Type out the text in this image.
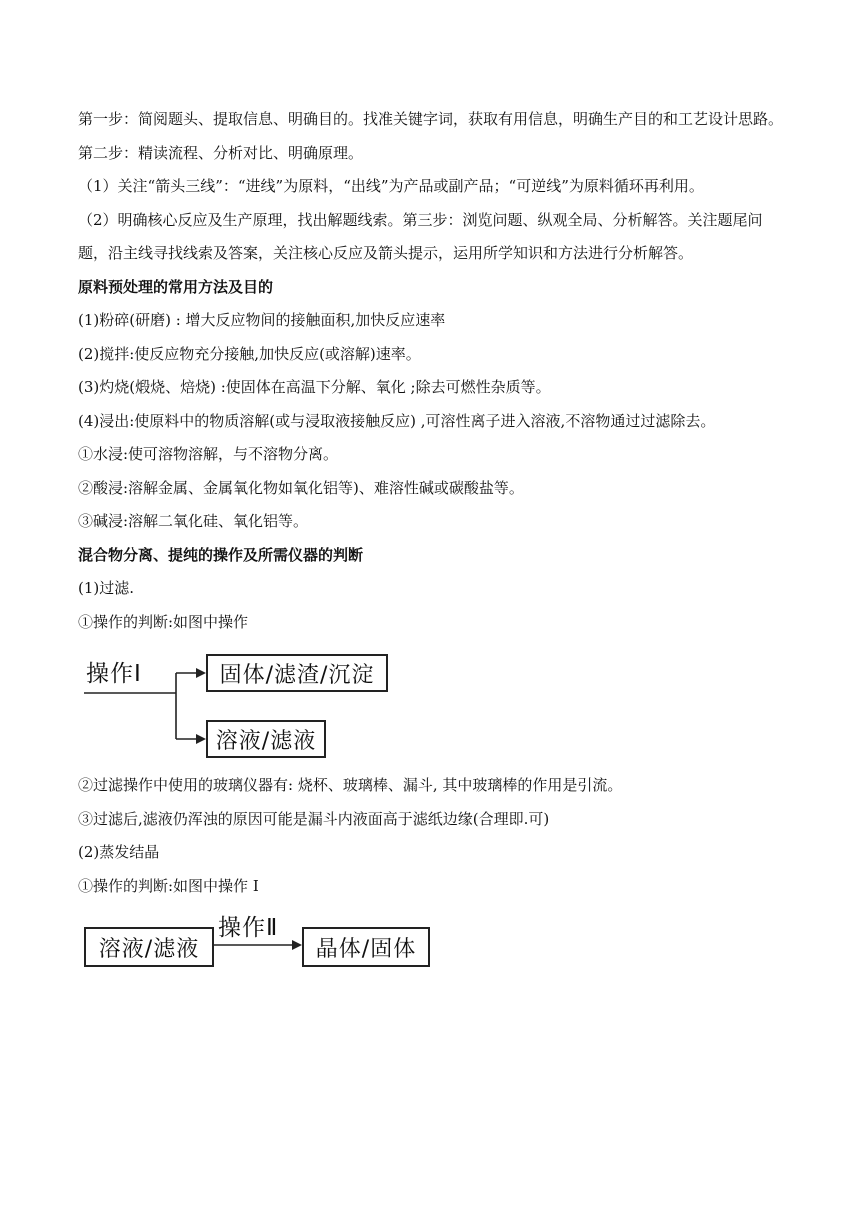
第一步：简阅题头、提取信息、明确目的。找准关键字词，获取有用信息，明确生产目的和工艺设计思路。

第二步：精读流程、分析对比、明确原理。

（1）关注“箭头三线”：“进线”为原料，“出线”为产品或副产品；“可逆线”为原料循环再利用。

（2）明确核心反应及生产原理，找出解题线索。第三步：浏览问题、纵观全局、分析解答。关注题尾问题，沿主线寻找线索及答案，关注核心反应及箭头提示，运用所学知识和方法进行分析解答。

原料预处理的常用方法及目的

(1)粉碎(研磨) : 增大反应物间的接触面积,加快反应速率

(2)搅拌:使反应物充分接触,加快反应(或溶解)速率。

(3)灼烧(煅烧、焙烧) :使固体在高温下分解、氧化 ;除去可燃性杂质等。

(4)浸出:使原料中的物质溶解(或与浸取液接触反应) ,可溶性离子进入溶液,不溶物通过过滤除去。

①水浸:使可溶物溶解，与不溶物分离。

②酸浸:溶解金属、金属氧化物如氧化铝等)、难溶性碱或碳酸盐等。

③碱浸:溶解二氧化硅、氧化铝等。

混合物分离、提纯的操作及所需仪器的判断

(1)过滤.

①操作的判断:如图中操作

操作Ⅰ	固体/滤渣/沉淀
溶液/滤液

②过滤操作中使用的玻璃仪器有: 烧杯、玻璃棒、漏斗, 其中玻璃棒的作用是引流。

③过滤后,滤液仍浑浊的原因可能是漏斗内液面高于滤纸边缘(合理即.可)

(2)蒸发结晶

①操作的判断:如图中操作 I

溶液/滤液
操作Ⅱ
晶体/固体
